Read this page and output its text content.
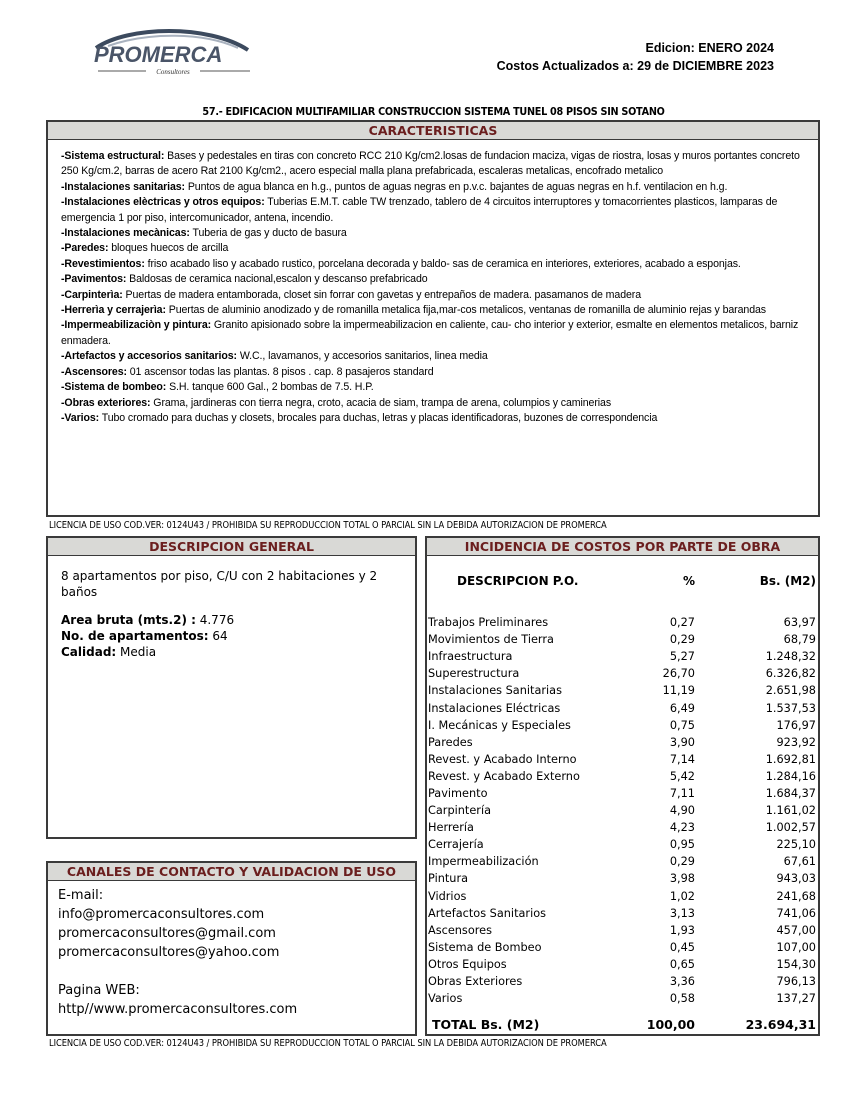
PROMERCA
Consultores
Edicion: ENERO 2024
Costos Actualizados a: 29 de DICIEMBRE 2023
57.- EDIFICACION MULTIFAMILIAR CONSTRUCCION SISTEMA TUNEL 08 PISOS SIN SOTANO
CARACTERISTICAS
-Sistema estructural: Bases y pedestales en tiras con concreto RCC 210 Kg/cm2.losas de fundacion maciza, vigas de riostra, losas y muros portantes concreto 250 Kg/cm.2, barras de acero Rat 2100 Kg/cm2., acero especial malla plana prefabricada, escaleras metalicas, encofrado metalico
-Instalaciones sanitarias: Puntos de agua blanca en h.g., puntos de aguas negras en p.v.c. bajantes de aguas negras en h.f. ventilacion en h.g.
-Instalaciones elèctricas y otros equipos: Tuberias E.M.T. cable TW trenzado, tablero de 4 circuitos interruptores y tomacorrientes plasticos, lamparas de emergencia 1 por piso, intercomunicador, antena, incendio.
-Instalaciones mecànicas: Tuberia de gas y ducto de basura
-Paredes: bloques huecos de arcilla
-Revestimientos: friso acabado liso y acabado rustico, porcelana decorada y baldo- sas de ceramica en interiores, exteriores, acabado a esponjas.
-Pavimentos: Baldosas de ceramica nacional,escalon y descanso prefabricado
-Carpinterìa: Puertas de madera entamborada, closet sin forrar con gavetas y entrepaños de madera. pasamanos de madera
-Herrerìa y cerrajerìa: Puertas de aluminio anodizado y de romanilla metalica fija,mar-cos metalicos, ventanas de romanilla de aluminio rejas y barandas
-Impermeabilizaciòn y pintura: Granito apisionado sobre la impermeabilizacion en caliente, cau- cho interior y exterior, esmalte en elementos metalicos, barniz enmadera.
-Artefactos y accesorios sanitarios: W.C., lavamanos, y accesorios sanitarios, linea media
-Ascensores: 01 ascensor todas las plantas. 8 pisos . cap. 8 pasajeros standard
-Sistema de bombeo: S.H. tanque 600 Gal., 2 bombas de 7.5. H.P.
-Obras exteriores: Grama, jardineras con tierra negra, croto, acacia de siam, trampa de arena, columpios y caminerias
-Varios: Tubo cromado para duchas y closets, brocales para duchas, letras y placas identificadoras, buzones de correspondencia
LICENCIA DE USO COD.VER: 0124U43 / PROHIBIDA SU REPRODUCCION TOTAL O PARCIAL SIN LA DEBIDA AUTORIZACION DE PROMERCA
DESCRIPCION GENERAL
8 apartamentos por piso, C/U con 2 habitaciones y 2 baños
Area bruta (mts.2) : 4.776
No. de apartamentos: 64
Calidad: Media
CANALES DE CONTACTO Y VALIDACION DE USO
E-mail:
info@promercaconsultores.com
promercaconsultores@gmail.com
promercaconsultores@yahoo.com
Pagina WEB:
http//www.promercaconsultores.com
INCIDENCIA DE COSTOS POR PARTE DE OBRA
DESCRIPCION P.O.	%	Bs. (M2)

Trabajos Preliminares	0,27	63,97
Movimientos de Tierra	0,29	68,79
Infraestructura	5,27	1.248,32
Superestructura	26,70	6.326,82
Instalaciones Sanitarias	11,19	2.651,98
Instalaciones Eléctricas	6,49	1.537,53
I. Mecánicas y Especiales	0,75	176,97
Paredes	3,90	923,92
Revest. y Acabado Interno	7,14	1.692,81
Revest. y Acabado Externo	5,42	1.284,16
Pavimento	7,11	1.684,37
Carpintería	4,90	1.161,02
Herrería	4,23	1.002,57
Cerrajería	0,95	225,10
Impermeabilización	0,29	67,61
Pintura	3,98	943,03
Vidrios	1,02	241,68
Artefactos Sanitarios	3,13	741,06
Ascensores	1,93	457,00
Sistema de Bombeo	0,45	107,00
Otros Equipos	0,65	154,30
Obras Exteriores	3,36	796,13
Varios	0,58	137,27
TOTAL Bs. (M2)	100,00	23.694,31
LICENCIA DE USO COD.VER: 0124U43 / PROHIBIDA SU REPRODUCCION TOTAL O PARCIAL SIN LA DEBIDA AUTORIZACION DE PROMERCA
